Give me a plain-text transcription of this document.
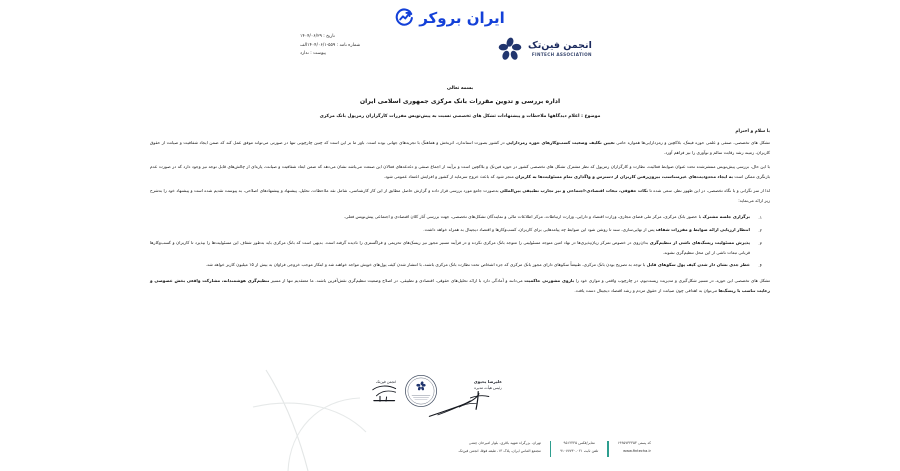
ایران بروکر
تاریخ : ۱۴۰۴/۰۶/۲۹
شماره نامه : ۵۵۹-۱۴۰۴/۰۶/۱الف
پیوست : ندارد
انجمن فین‌تک
FINTECH ASSOCIATION
بسمه تعالی
اداره بررسی و تدوین مقررات بانک مرکزی جمهوری اسلامی ایران
موضوع : اعلام دیدگاهها ملاحظات و پیشنهادات تشکل های تخصصی نسبت به پیش‌نویس مقررات کارگزاران رمزپول بانک مرکزی
با سلام و احترام
تشکل های تخصصی، صنفی و علمی حوزه فینتک، بلاکچین و رمزدارایی‌ها همواره حامی تعیین تکلیف وضعیت کسب‌وکارهای حوزه رمزدارایی در کشور بصورت استاندارد، اثربخش و هماهنگ با تجربه‌های جهانی بوده است. باور ما بر این است که چنین چارچوبی تنها در صورتی می‌تواند موفق عمل کند که ضمن ایجاد شفافیت و صیانت از حقوق کاربران، زمینه رشد رقابت سالم و نوآوری را نیز فراهم آورد.
با این حال، بررسی پیش‌نویس منتشرشده تحت عنوان ضوابط فعالیت، نظارت و کارگزاران رمزپول که نظر مشترک تشکل های تخصصی کشور در حوزه فین‌تک و بلاکچین است و برآیند از اجماع صنفی و دغدغه‌های فعالان این صنعت می‌باشد نشان می‌دهد که ضمن ابعاد شفافیت و صیانت، پاره‌ای از چالش‌های قابل توجه نیز وجود دارد که در صورت عدم بازنگری ممکن است به ایجاد محدودیت‌های غیرمتناسب، بیرون‌رفتن کاربران از دسترس و واگذاری تمام مسئولیت‌ها به کاربران منجر شود که باعث خروج سرمایه از کشور و افزایش اعتماد عمومی شود.
لذا از سر نگرانی و با نگاه تخصصی، در این ظهور نظر، سعی شده تا نکات حقوقی، تبعات اقتصادی-اجتماعی و نیز تجارب تطبیقی بین‌المللی به‌صورت جامع مورد بررسی قرار داده و گزارش حاصل مطابق از این کار کارشناسی، شامل نقد ملاحظات، تحلیل، پیشنهاد و پیشنهادهای اصلاحی، به پیوست تقدیم شده است و پیشنهاد خود را به‌شرح زیر ارائه می‌نماید:
۱.
برگزاری جلسه مشترک با حضور بانک مرکزی، مرکز ملی فضای مجازی، وزارت اقتصاد و دارایی، وزارت ارتباطات، مرکز اطلاعات مالی و نمایندگان تشکل‌های تخصصی، جهت بررسی آثار کلان اقتصادی و اجتماعی پیش‌نویس فعلی.
۲.
انتظار ارزیابی ارائه ضوابط و مقررات شفاف پس از نهایی‌سازی، سند تا روشن شود این ضوابط چه پیامدهایی برای کاربران، کسب‌وکارها و اقتصاد دیجیتال به همراه خواهد داشت.
۳.
پذیرش مسئولیت ریسک‌های ناشی از تنظیم‌گری بدان‌روی در خصوص تمرکز زیان‌پذیری‌ها در نهاد امین متوجه مسئولیتی را متوجه بانک مرکزی نکرده و در فرآیند مسیر مجوز نیز ریسک‌های تحریمی و فراگستری را نادیده گرفته است. بدیهی است که بانک مرکزی باید به‌طور شفاف این مسئولیت‌ها را بپذیرد تا کاربران و کسب‌وکارها قربانی تبعات ناشی از این محل تنظیم‌گری نشوند.
۴.
خطر جدی نشان دار شدن کیف پول سکوهای قابل با توجه به تصریح بودن بانک مرکزی، طبیعتاً سکوهای دارای مجوز بانک مرکزی که جزء اشخاص تحت نظارت بانک مرکزی باشند، با انتشار شدن کیف پول‌های خویش مواجه خواهند شد و ابتکار موجب خروجی فراوان به بیش از ۱۵ میلیون کاربر خواهد شد.
تشکل های تخصصی این حوزه، در مسیر شکل‌گیری و مدیریت زیست‌بوم، در چارچوب واقعی و موازی خود را بازوی مشورتی حاکمیت می‌دانند و آمادگی دارد با ارائه تحلیل‌های حقوقی، اقتصادی و تطبیقی، در اصلاح وضعیت تنظیم‌گری نقش‌آفرین باشند. ما معتقدیم تنها از مسیر تنظیم‌گری هوشمندانه، مشارکت واقعی بخش خصوصی و رعایت تناسب با ریسک‌ها می‌توان به اهدافی چون صیانت از حقوق مردم و رشد اقتصاد دیجیتال دست یافت.
علیرضا یحیوی
رئیس هیأت مدیره
انجمن فین‌تک
کد پستی ۱۹۹۵۷۳۴۳۵۳
www.fintecha.ir
نمابر/فکس ۹۵۱۲۴۴۵
تلفن ثابت ۰۲۱-۹۱۰۷۷۷۳۰
تهران، بزرگراه شهید باقری، بلوار امیرخان چمنی
مجتمع الماس ایران، پلاک ۱۳، طبقه فوقا، انجمن فین‌تک
